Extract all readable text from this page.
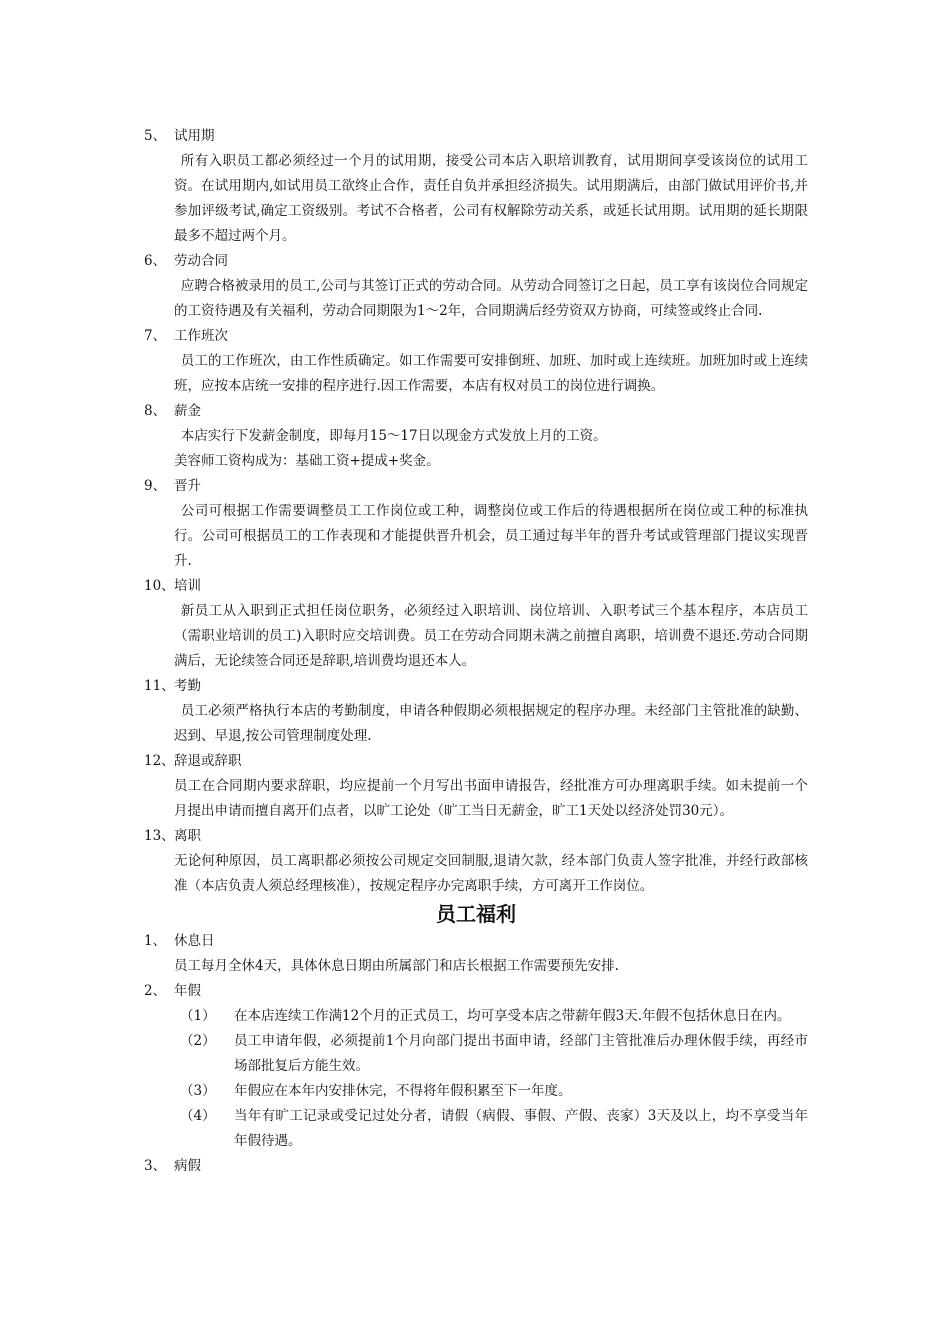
5、 试用期
所有入职员工都必须经过一个月的试用期，接受公司本店入职培训教育，试用期间享受该岗位的试用工资。在试用期内,如试用员工欲终止合作，责任自负并承担经济损失。试用期满后，由部门做试用评价书,并参加评级考试,确定工资级别。考试不合格者，公司有权解除劳动关系，或延长试用期。试用期的延长期限最多不超过两个月。
6、 劳动合同
应聘合格被录用的员工,公司与其签订正式的劳动合同。从劳动合同签订之日起，员工享有该岗位合同规定的工资待遇及有关福利，劳动合同期限为1～2年，合同期满后经劳资双方协商，可续签或终止合同.
7、 工作班次
员工的工作班次，由工作性质确定。如工作需要可安排倒班、加班、加时或上连续班。加班加时或上连续班，应按本店统一安排的程序进行.因工作需要，本店有权对员工的岗位进行调换。
8、 薪金
本店实行下发薪金制度，即每月15～17日以现金方式发放上月的工资。
美容师工资构成为：基础工资+提成+奖金。
9、 晋升
公司可根据工作需要调整员工工作岗位或工种，调整岗位或工作后的待遇根据所在岗位或工种的标准执行。公司可根据员工的工作表现和才能提供晋升机会，员工通过每半年的晋升考试或管理部门提议实现晋升.
10、 培训
新员工从入职到正式担任岗位职务，必须经过入职培训、岗位培训、入职考试三个基本程序，本店员工（需职业培训的员工)入职时应交培训费。员工在劳动合同期未满之前擅自离职，培训费不退还.劳动合同期满后，无论续签合同还是辞职,培训费均退还本人。
11、 考勤
员工必须严格执行本店的考勤制度，申请各种假期必须根据规定的程序办理。未经部门主管批准的缺勤、迟到、早退,按公司管理制度处理.
12、 辞退或辞职
员工在合同期内要求辞职，均应提前一个月写出书面申请报告，经批准方可办理离职手续。如未提前一个月提出申请而擅自离开们点者，以旷工论处（旷工当日无薪金，旷工1天处以经济处罚30元）。
13、 离职
无论何种原因，员工离职都必须按公司规定交回制服,退请欠款，经本部门负责人签字批准，并经行政部核准（本店负责人须总经理核准），按规定程序办完离职手续，方可离开工作岗位。
员工福利
1、 休息日
员工每月全休4天，具体休息日期由所属部门和店长根据工作需要预先安排.
2、 年假
（1）	在本店连续工作满12个月的正式员工，均可享受本店之带薪年假3天.年假不包括休息日在内。
（2）	员工申请年假，必须提前1个月向部门提出书面申请，经部门主管批准后办理休假手续，再经市场部批复后方能生效。
（3）	年假应在本年内安排休完，不得将年假积累至下一年度。
（4）	当年有旷工记录或受记过处分者，请假（病假、事假、产假、丧家）3天及以上，均不享受当年年假待遇。
3、 病假
